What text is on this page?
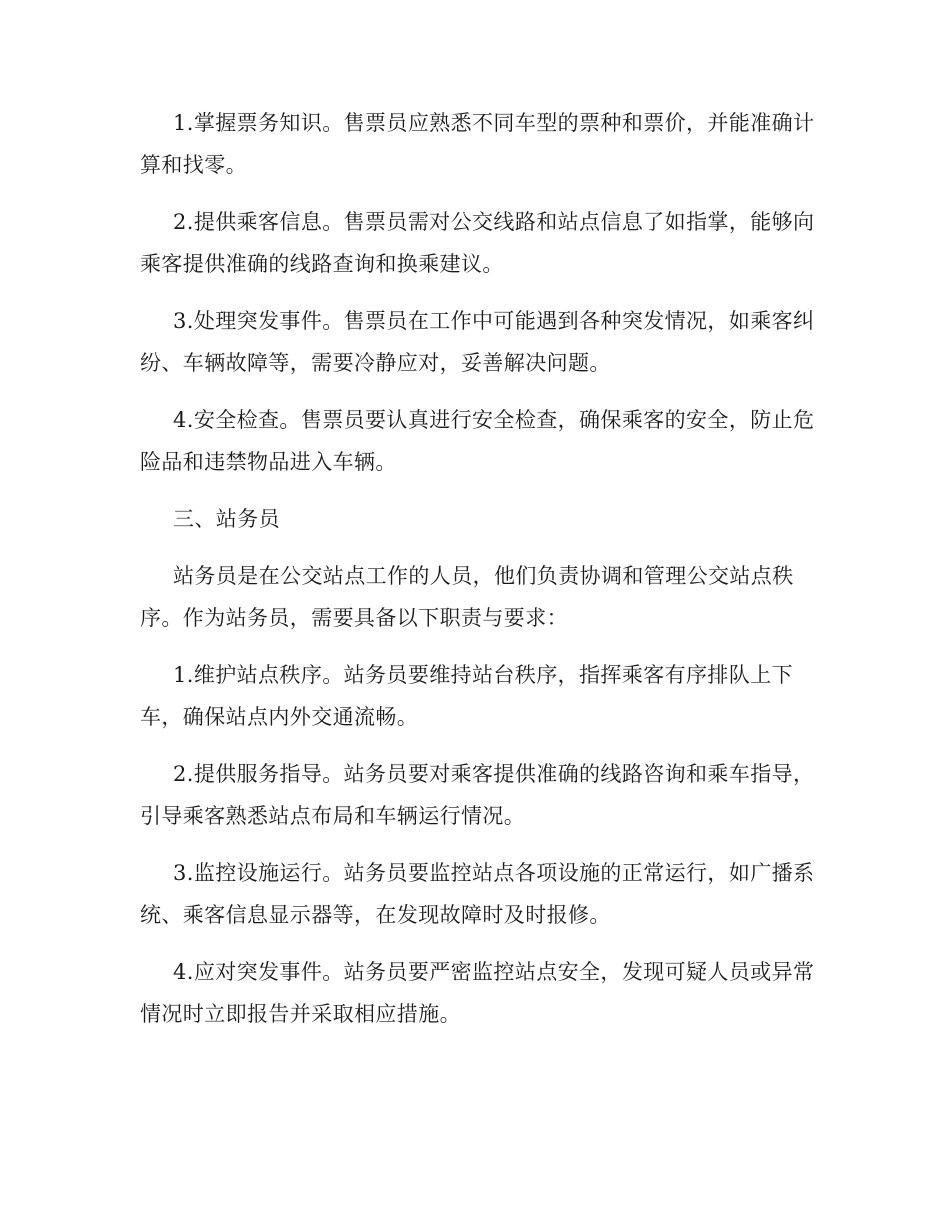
1.掌握票务知识。售票员应熟悉不同车型的票种和票价，并能准确计算和找零。

2.提供乘客信息。售票员需对公交线路和站点信息了如指掌，能够向乘客提供准确的线路查询和换乘建议。

3.处理突发事件。售票员在工作中可能遇到各种突发情况，如乘客纠纷、车辆故障等，需要冷静应对，妥善解决问题。

4.安全检查。售票员要认真进行安全检查，确保乘客的安全，防止危险品和违禁物品进入车辆。

三、站务员

站务员是在公交站点工作的人员，他们负责协调和管理公交站点秩序。作为站务员，需要具备以下职责与要求：

1.维护站点秩序。站务员要维持站台秩序，指挥乘客有序排队上下车，确保站点内外交通流畅。

2.提供服务指导。站务员要对乘客提供准确的线路咨询和乘车指导，引导乘客熟悉站点布局和车辆运行情况。

3.监控设施运行。站务员要监控站点各项设施的正常运行，如广播系统、乘客信息显示器等，在发现故障时及时报修。

4.应对突发事件。站务员要严密监控站点安全，发现可疑人员或异常情况时立即报告并采取相应措施。
